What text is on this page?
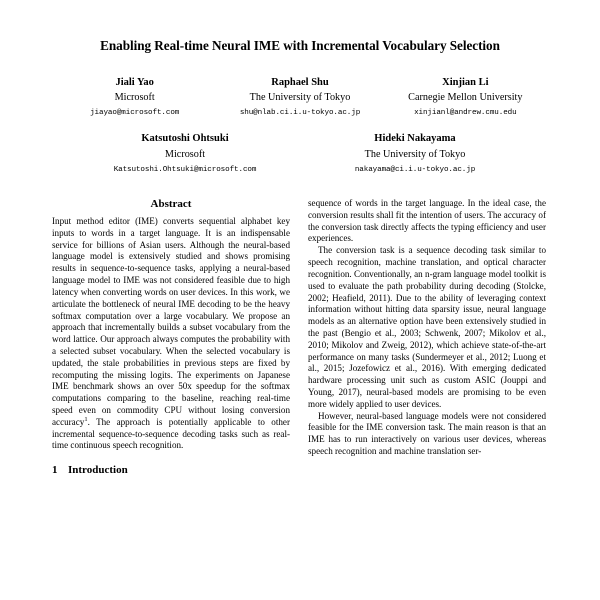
Enabling Real-time Neural IME with Incremental Vocabulary Selection
Jiali Yao
Microsoft
jiayao@microsoft.com
Raphael Shu
The University of Tokyo
shu@nlab.ci.i.u-tokyo.ac.jp
Xinjian Li
Carnegie Mellon University
xinjianl@andrew.cmu.edu
Katsutoshi Ohtsuki
Microsoft
Katsutoshi.Ohtsuki@microsoft.com
Hideki Nakayama
The University of Tokyo
nakayama@ci.i.u-tokyo.ac.jp
Abstract

Input method editor (IME) converts sequential alphabet key inputs to words in a target language. It is an indispensable service for billions of Asian users. Although the neural-based language model is extensively studied and shows promising results in sequence-to-sequence tasks, applying a neural-based language model to IME was not considered feasible due to high latency when converting words on user devices. In this work, we articulate the bottleneck of neural IME decoding to be the heavy softmax computation over a large vocabulary. We propose an approach that incrementally builds a subset vocabulary from the word lattice. Our approach always computes the probability with a selected subset vocabulary. When the selected vocabulary is updated, the stale probabilities in previous steps are fixed by recomputing the missing logits. The experiments on Japanese IME benchmark shows an over 50x speedup for the softmax computations comparing to the baseline, reaching real-time speed even on commodity CPU without losing conversion accuracy$^1$. The approach is potentially applicable to other incremental sequence-to-sequence decoding tasks such as real-time continuous speech recognition.

1 Introduction

sequence of words in the target language. In the ideal case, the conversion results shall fit the intention of users. The accuracy of the conversion task directly affects the typing efficiency and user experiences.

The conversion task is a sequence decoding task similar to speech recognition, machine translation, and optical character recognition. Conventionally, an n-gram language model toolkit is used to evaluate the path probability during decoding (Stolcke, 2002; Heafield, 2011). Due to the ability of leveraging context information without hitting data sparsity issue, neural language models as an alternative option have been extensively studied in the past (Bengio et al., 2003; Schwenk, 2007; Mikolov et al., 2010; Mikolov and Zweig, 2012), which achieve state-of-the-art performance on many tasks (Sundermeyer et al., 2012; Luong et al., 2015; Jozefowicz et al., 2016). With emerging dedicated hardware processing unit such as custom ASIC (Jouppi and Young, 2017), neural-based models are promising to be even more widely applied to user devices.

However, neural-based language models were not considered feasible for the IME conversion task. The main reason is that an IME has to run interactively on various user devices, whereas speech recognition and machine translation ser-
